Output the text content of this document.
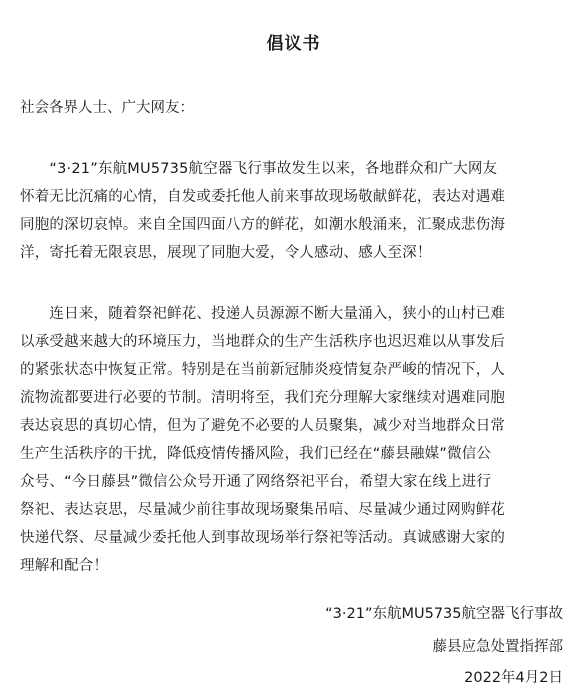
倡议书
社会各界人士、广大网友：
　　“3·21”东航MU5735航空器飞行事故发生以来，各地群众和广大网友
怀着无比沉痛的心情，自发或委托他人前来事故现场敬献鲜花，表达对遇难
同胞的深切哀悼。来自全国四面八方的鲜花，如潮水般涌来，汇聚成悲伤海
洋，寄托着无限哀思，展现了同胞大爱，令人感动、感人至深！
　　连日来，随着祭祀鲜花、投递人员源源不断大量涌入，狭小的山村已难
以承受越来越大的环境压力，当地群众的生产生活秩序也迟迟难以从事发后
的紧张状态中恢复正常。特别是在当前新冠肺炎疫情复杂严峻的情况下，人
流物流都要进行必要的节制。清明将至，我们充分理解大家继续对遇难同胞
表达哀思的真切心情，但为了避免不必要的人员聚集，减少对当地群众日常
生产生活秩序的干扰，降低疫情传播风险，我们已经在“藤县融媒”微信公
众号、“今日藤县”微信公众号开通了网络祭祀平台，希望大家在线上进行
祭祀、表达哀思，尽量减少前往事故现场聚集吊唁、尽量减少通过网购鲜花
快递代祭、尽量减少委托他人到事故现场举行祭祀等活动。真诚感谢大家的
理解和配合！
“3·21”东航MU5735航空器飞行事故
藤县应急处置指挥部
2022年4月2日
